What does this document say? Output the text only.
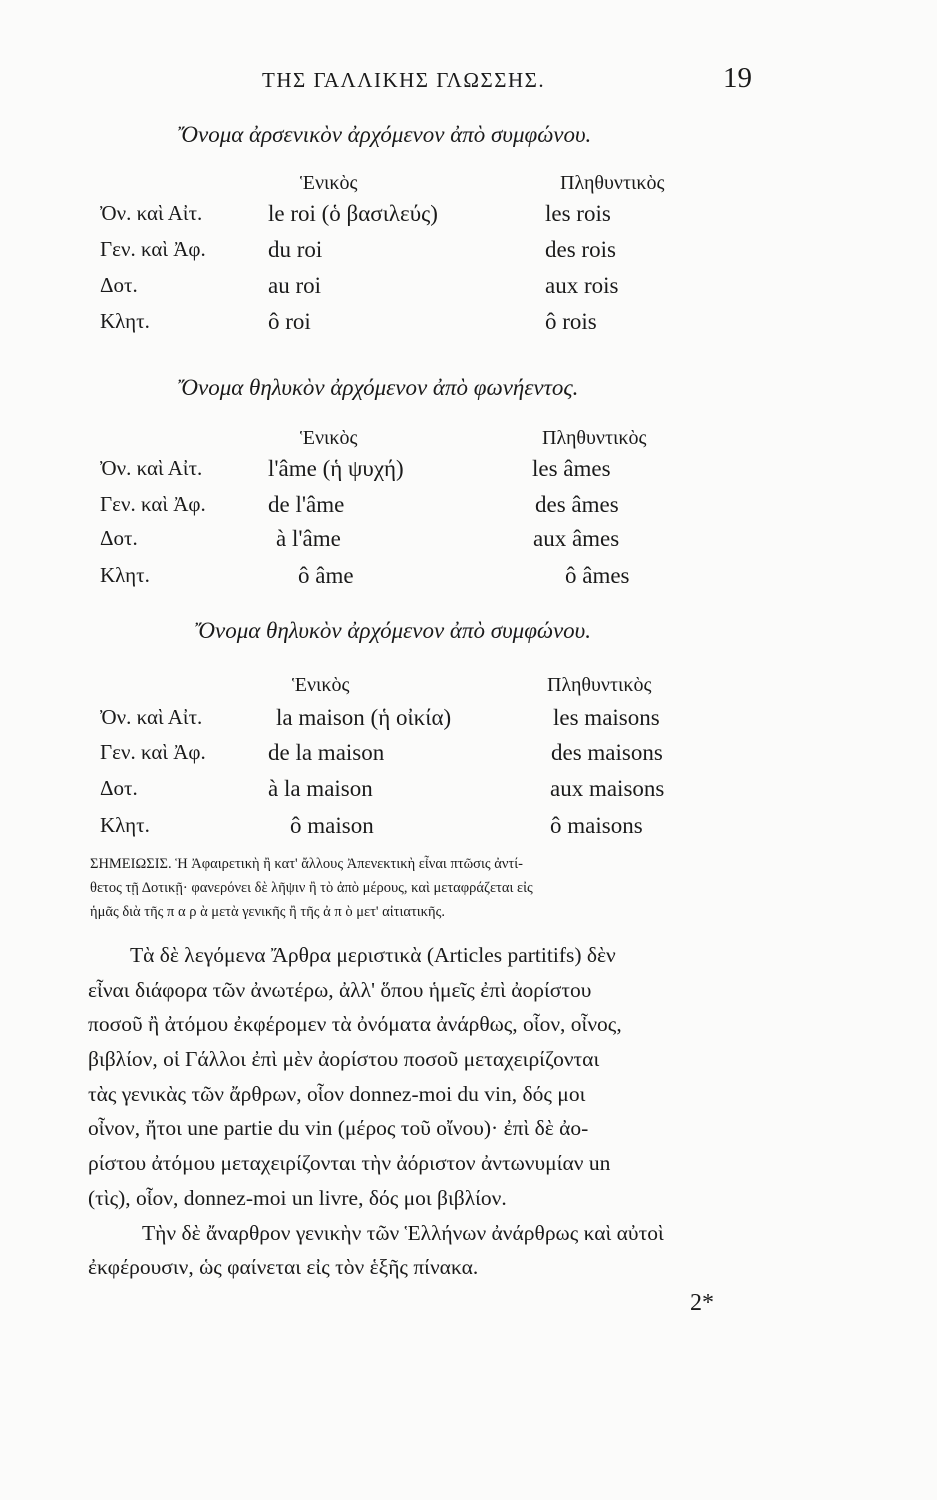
ΤΗΣ ΓΑΛΛΙΚΗΣ ΓΛΩΣΣΗΣ.	19
Ὄνομα ἀρσενικὸν ἀρχόμενον ἀπὸ συμφώνου.
Ἑνικὸς	Πληθυντικὸς
Ὀν. καὶ Αἰτ.	le roi (ὁ βασιλεύς)	les rois
Γεν. καὶ Ἀφ.	du roi	des rois
Δοτ.	au roi	aux rois
Κλητ.	ô roi	ô rois
Ὄνομα θηλυκὸν ἀρχόμενον ἀπὸ φωνήεντος.
Ἑνικὸς	Πληθυντικὸς
Ὀν. καὶ Αἰτ.	l'âme (ἡ ψυχή)	les âmes
Γεν. καὶ Ἀφ.	de l'âme	des âmes
Δοτ.	à l'âme	aux âmes
Κλητ.	ô âme	ô âmes
Ὄνομα θηλυκὸν ἀρχόμενον ἀπὸ συμφώνου.
Ἑνικὸς	Πληθυντικὸς
Ὀν. καὶ Αἰτ.	la maison (ἡ οἰκία)	les maisons
Γεν. καὶ Ἀφ.	de la maison	des maisons
Δοτ.	à la maison	aux maisons
Κλητ.	ô maison	ô maisons
ΣΗΜΕΙΩΣΙΣ. Ἡ Ἀφαιρετικὴ ἢ κατ' ἄλλους Ἀπενεκτικὴ εἶναι πτῶσις ἀντί-
θετος τῇ Δοτικῇ· φανερόνει δὲ λῆψιν ἢ τὸ ἀπὸ μέρους, καὶ μεταφράζεται εἰς
ἡμᾶς διὰ τῆς π α ρ ὰ μετὰ γενικῆς ἢ τῆς ἀ π ὸ μετ' αἰτιατικῆς.
Τὰ δὲ λεγόμενα Ἄρθρα μεριστικὰ (Articles partitifs) δὲν
εἶναι διάφορα τῶν ἀνωτέρω, ἀλλ' ὅπου ἡμεῖς ἐπὶ ἀορίστου
ποσοῦ ἢ ἀτόμου ἐκφέρομεν τὰ ὀνόματα ἀνάρθως, οἷον, οἶνος,
βιβλίον, οἱ Γάλλοι ἐπὶ μὲν ἀορίστου ποσοῦ μεταχειρίζονται
τὰς γενικὰς τῶν ἄρθρων, οἷον donnez-moi du vin, δός μοι
οἶνον, ἤτοι une partie du vin (μέρος τοῦ οἴνου)· ἐπὶ δὲ ἀο-
ρίστου ἀτόμου μεταχειρίζονται τὴν ἀόριστον ἀντωνυμίαν un
(τὶς), οἷον, donnez-moi un livre, δός μοι βιβλίον.
Τὴν δὲ ἄναρθρον γενικὴν τῶν Ἑλλήνων ἀνάρθρως καὶ αὐτοὶ
ἐκφέρουσιν, ὡς φαίνεται εἰς τὸν ἑξῆς πίνακα.
2*
